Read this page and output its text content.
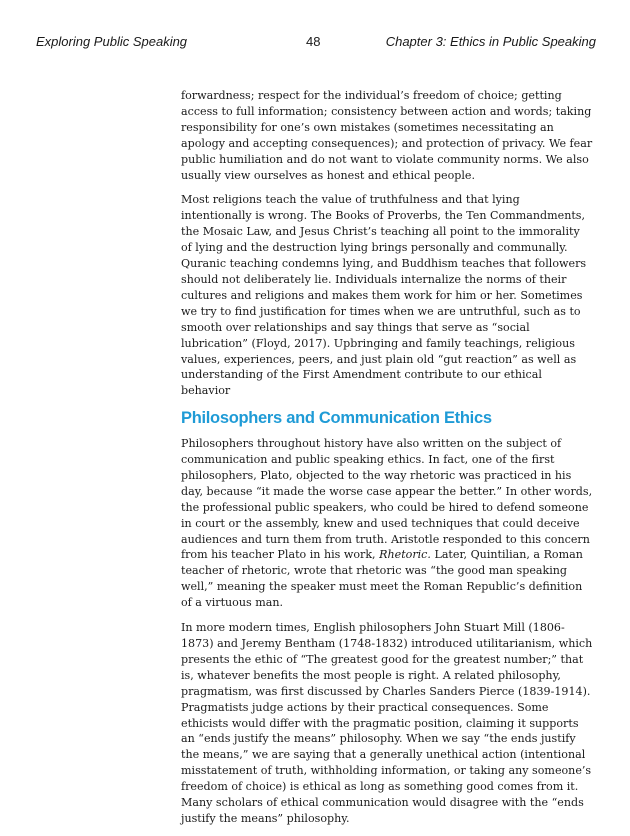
Exploring Public Speaking	48	Chapter 3: Ethics in Public Speaking

forwardness; respect for the individual’s freedom of choice; getting access to full information; consistency between action and words; taking responsibility for one’s own mistakes (sometimes necessitating an apology and accepting consequences); and protection of privacy. We fear public humiliation and do not want to violate community norms. We also usually view ourselves as honest and ethical people.

Most religions teach the value of truthfulness and that lying intentionally is wrong. The Books of Proverbs, the Ten Commandments, the Mosaic Law, and Jesus Christ’s teaching all point to the immorality of lying and the destruction lying brings personally and communally. Quranic teaching condemns lying, and Buddhism teaches that followers should not deliberately lie. Individuals internalize the norms of their cultures and religions and makes them work for him or her. Sometimes we try to find justification for times when we are untruthful, such as to smooth over relationships and say things that serve as “social lubrication” (Floyd, 2017). Upbringing and family teachings, religious values, experiences, peers, and just plain old “gut reaction” as well as understanding of the First Amendment contribute to our ethical behavior

Philosophers and Communication Ethics

Philosophers throughout history have also written on the subject of communication and public speaking ethics. In fact, one of the first philosophers, Plato, objected to the way rhetoric was practiced in his day, because “it made the worse case appear the better.” In other words, the professional public speakers, who could be hired to defend someone in court or the assembly, knew and used techniques that could deceive audiences and turn them from truth. Aristotle responded to this concern from his teacher Plato in his work, Rhetoric. Later, Quintilian, a Roman teacher of rhetoric, wrote that rhetoric was “the good man speaking well,” meaning the speaker must meet the Roman Republic’s definition of a virtuous man.

In more modern times, English philosophers John Stuart Mill (1806-1873) and Jeremy Bentham (1748-1832) introduced utilitarianism, which presents the ethic of “The greatest good for the greatest number;” that is, whatever benefits the most people is right. A related philosophy, pragmatism, was first discussed by Charles Sanders Pierce (1839-1914). Pragmatists judge actions by their practical consequences. Some ethicists would differ with the pragmatic position, claiming it supports an “ends justify the means” philosophy. When we say “the ends justify the means,” we are saying that a generally unethical action (intentional misstatement of truth, withholding information, or taking any someone’s freedom of choice) is ethical as long as something good comes from it. Many scholars of ethical communication would disagree with the “ends justify the means” philosophy.
